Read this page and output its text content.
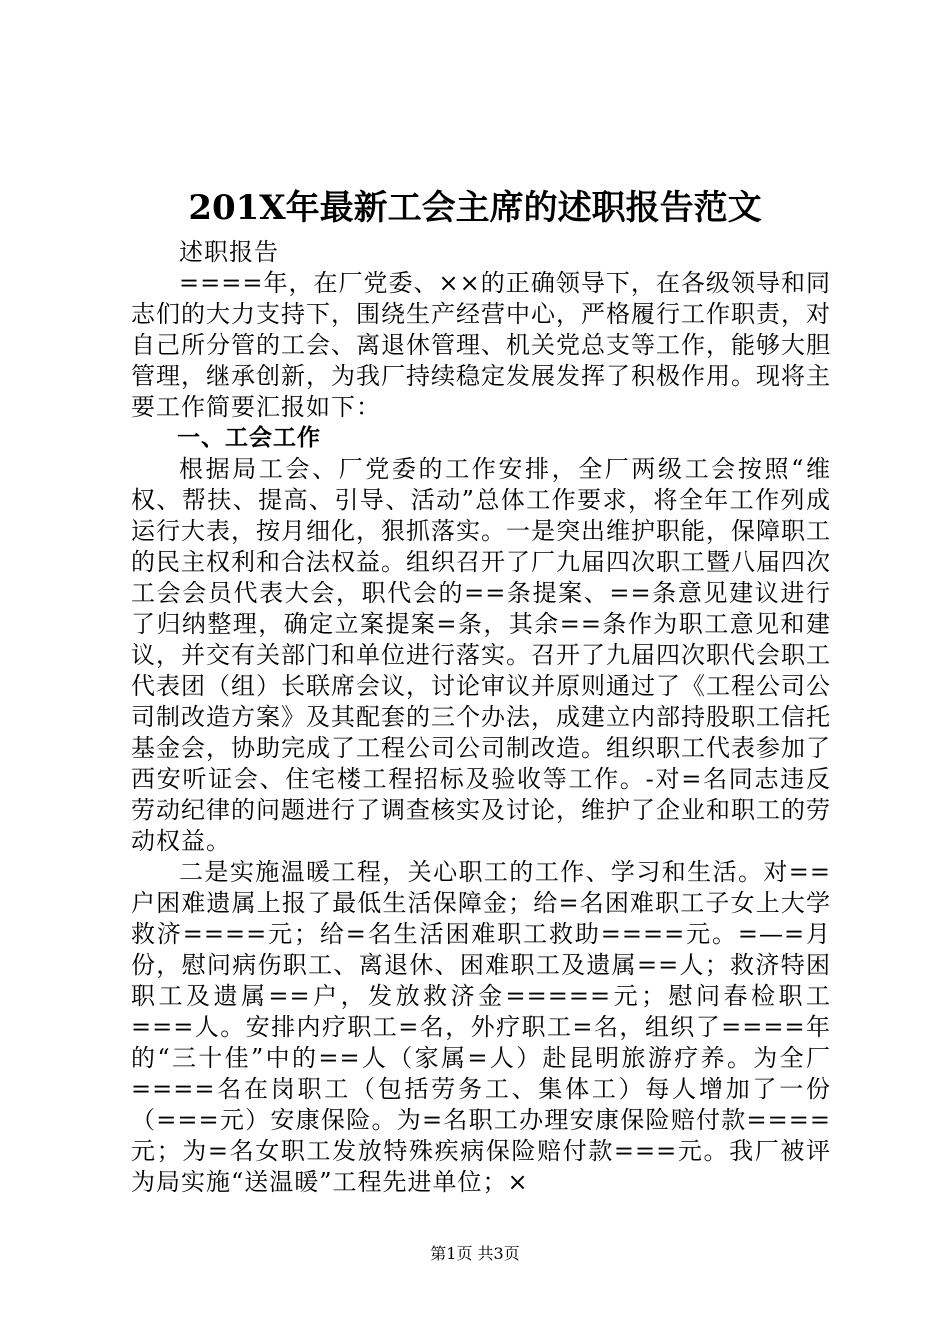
201X年最新工会主席的述职报告范文

述职报告

====年，在厂党委、××的正确领导下，在各级领导和同志们的大力支持下，围绕生产经营中心，严格履行工作职责，对自己所分管的工会、离退休管理、机关党总支等工作，能够大胆管理，继承创新，为我厂持续稳定发展发挥了积极作用。现将主要工作简要汇报如下：

一、工会工作

根据局工会、厂党委的工作安排，全厂两级工会按照“维权、帮扶、提高、引导、活动”总体工作要求，将全年工作列成运行大表，按月细化，狠抓落实。一是突出维护职能，保障职工的民主权利和合法权益。组织召开了厂九届四次职工暨八届四次工会会员代表大会，职代会的==条提案、==条意见建议进行了归纳整理，确定立案提案=条，其余==条作为职工意见和建议，并交有关部门和单位进行落实。召开了九届四次职代会职工代表团（组）长联席会议，讨论审议并原则通过了《工程公司公司制改造方案》及其配套的三个办法，成建立内部持股职工信托基金会，协助完成了工程公司公司制改造。组织职工代表参加了西安听证会、住宅楼工程招标及验收等工作。-对=名同志违反劳动纪律的问题进行了调查核实及讨论，维护了企业和职工的劳动权益。

二是实施温暖工程，关心职工的工作、学习和生活。对==户困难遗属上报了最低生活保障金；给=名困难职工子女上大学救济====元；给=名生活困难职工救助====元。=—=月份，慰问病伤职工、离退休、困难职工及遗属==人；救济特困职工及遗属==户，发放救济金=====元；慰问春检职工===人。安排内疗职工=名，外疗职工=名，组织了====年的“三十佳”中的==人（家属=人）赴昆明旅游疗养。为全厂====名在岗职工（包括劳务工、集体工）每人增加了一份（===元）安康保险。为=名职工办理安康保险赔付款====元；为=名女职工发放特殊疾病保险赔付款===元。我厂被评为局实施“送温暖”工程先进单位；×

第1页 共3页
